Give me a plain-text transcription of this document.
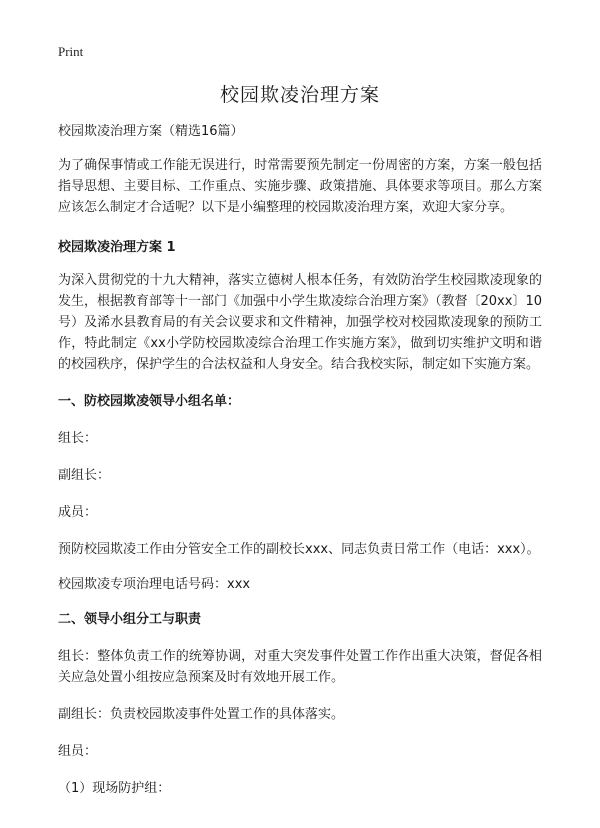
Print
校园欺凌治理方案

校园欺凌治理方案（精选16篇）

为了确保事情或工作能无误进行，时常需要预先制定一份周密的方案，方案一般包括指导思想、主要目标、工作重点、实施步骤、政策措施、具体要求等项目。那么方案应该怎么制定才合适呢？以下是小编整理的校园欺凌治理方案，欢迎大家分享。

校园欺凌治理方案 1

为深入贯彻党的十九大精神，落实立德树人根本任务，有效防治学生校园欺凌现象的发生，根据教育部等十一部门《加强中小学生欺凌综合治理方案》（教督〔20xx〕10号）及浠水县教育局的有关会议要求和文件精神，加强学校对校园欺凌现象的预防工作，特此制定《xx小学防校园欺凌综合治理工作实施方案》，做到切实维护文明和谐的校园秩序，保护学生的合法权益和人身安全。结合我校实际，制定如下实施方案。

一、防校园欺凌领导小组名单：

组长：

副组长：

成员：

预防校园欺凌工作由分管安全工作的副校长xxx、同志负责日常工作（电话：xxx）。

校园欺凌专项治理电话号码：xxx

二、领导小组分工与职责

组长：整体负责工作的统筹协调，对重大突发事件处置工作作出重大决策，督促各相关应急处置小组按应急预案及时有效地开展工作。

副组长：负责校园欺凌事件处置工作的具体落实。

组员：

（1）现场防护组：
